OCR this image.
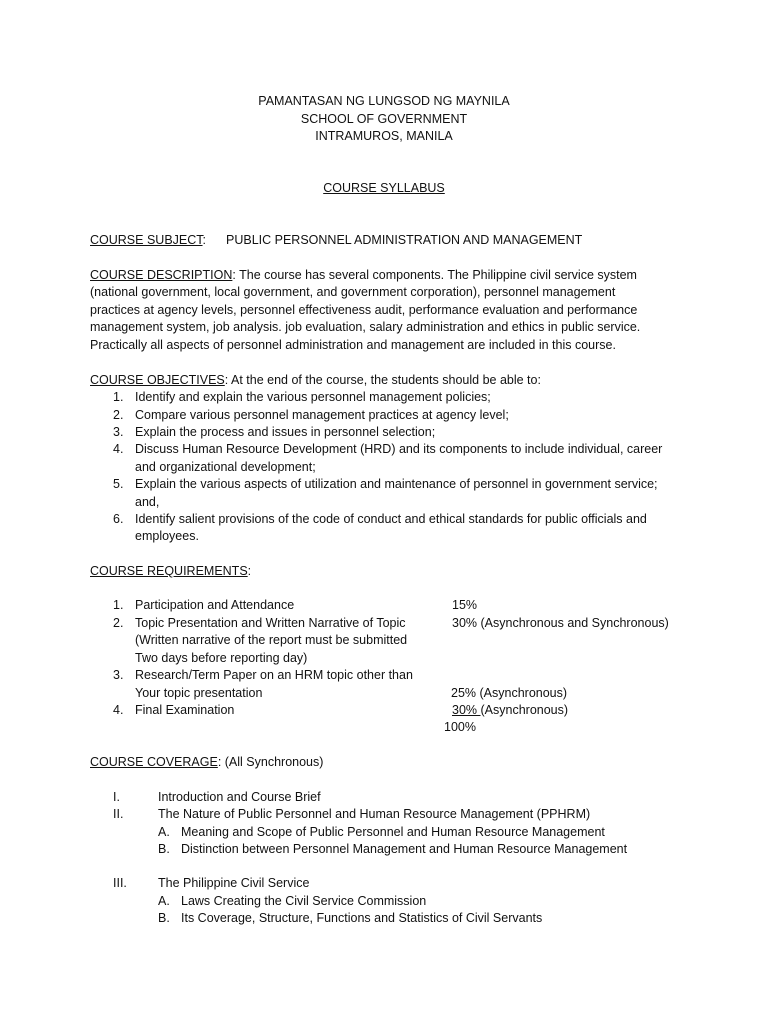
PAMANTASAN NG LUNGSOD NG MAYNILA
SCHOOL OF GOVERNMENT
INTRAMUROS, MANILA
COURSE SYLLABUS
COURSE SUBJECT: PUBLIC PERSONNEL ADMINISTRATION AND MANAGEMENT
COURSE DESCRIPTION: The course has several components. The Philippine civil service system
(national government, local government, and government corporation), personnel management
practices at agency levels, personnel effectiveness audit, performance evaluation and performance
management system, job analysis. job evaluation, salary administration and ethics in public service.
Practically all aspects of personnel administration and management are included in this course.
COURSE OBJECTIVES: At the end of the course, the students should be able to:
1. Identify and explain the various personnel management policies;
2. Compare various personnel management practices at agency level;
3. Explain the process and issues in personnel selection;
4. Discuss Human Resource Development (HRD) and its components to include individual, career
and organizational development;
5. Explain the various aspects of utilization and maintenance of personnel in government service;
and,
6. Identify salient provisions of the code of conduct and ethical standards for public officials and
employees.
COURSE REQUIREMENTS:
1. Participation and Attendance	15%
2. Topic Presentation and Written Narrative of Topic	30% (Asynchronous and Synchronous)
(Written narrative of the report must be submitted
Two days before reporting day)
3. Research/Term Paper on an HRM topic other than
Your topic presentation	25% (Asynchronous)
4. Final Examination	30% (Asynchronous)
100%
COURSE COVERAGE: (All Synchronous)
I.	Introduction and Course Brief
II.	The Nature of Public Personnel and Human Resource Management (PPHRM)
A. Meaning and Scope of Public Personnel and Human Resource Management
B. Distinction between Personnel Management and Human Resource Management
III. The Philippine Civil Service
A. Laws Creating the Civil Service Commission
B. Its Coverage, Structure, Functions and Statistics of Civil Servants
